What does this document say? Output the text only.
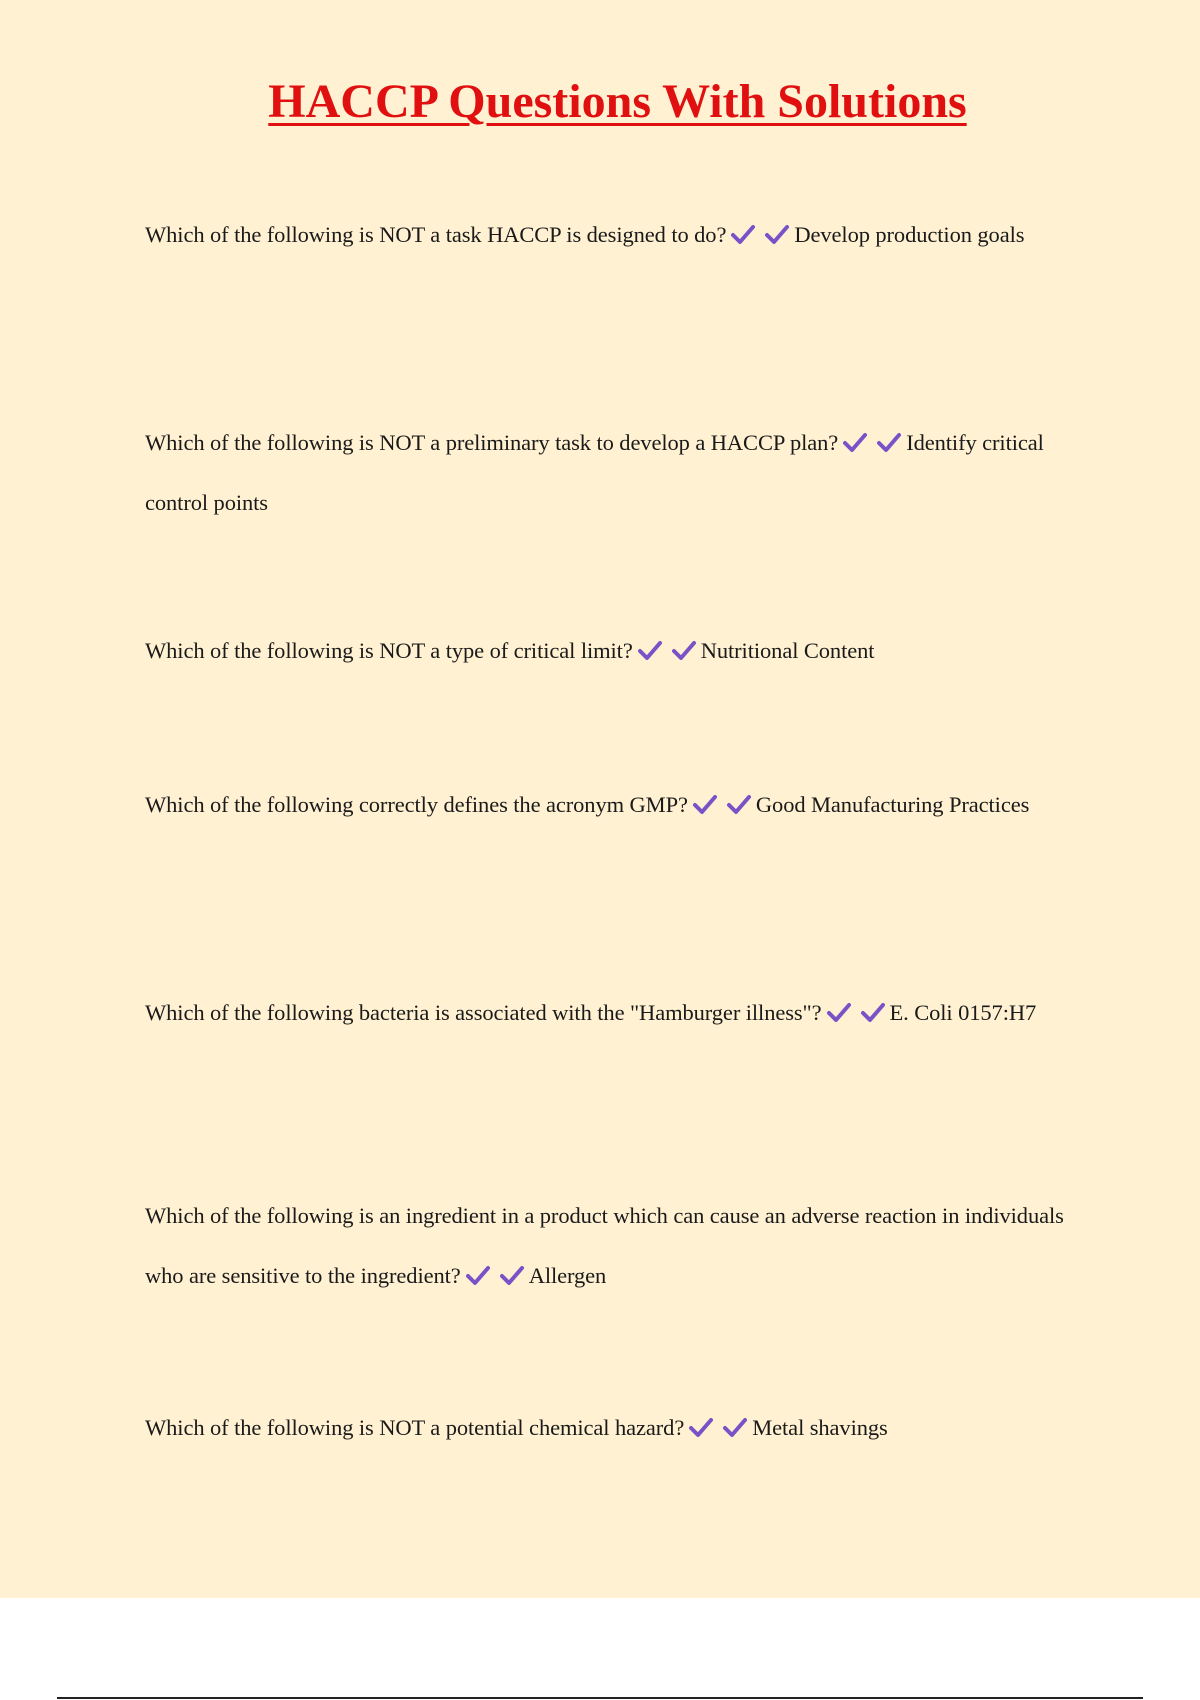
HACCP Questions With Solutions

Which of the following is NOT a task HACCP is designed to do?	Develop production goals

Which of the following is NOT a preliminary task to develop a HACCP plan?	Identify critical control points

Which of the following is NOT a type of critical limit?	Nutritional Content

Which of the following correctly defines the acronym GMP?	Good Manufacturing Practices

Which of the following bacteria is associated with the "Hamburger illness"?	E. Coli 0157:H7

Which of the following is an ingredient in a product which can cause an adverse reaction in individuals who are sensitive to the ingredient?	Allergen

Which of the following is NOT a potential chemical hazard?	Metal shavings
